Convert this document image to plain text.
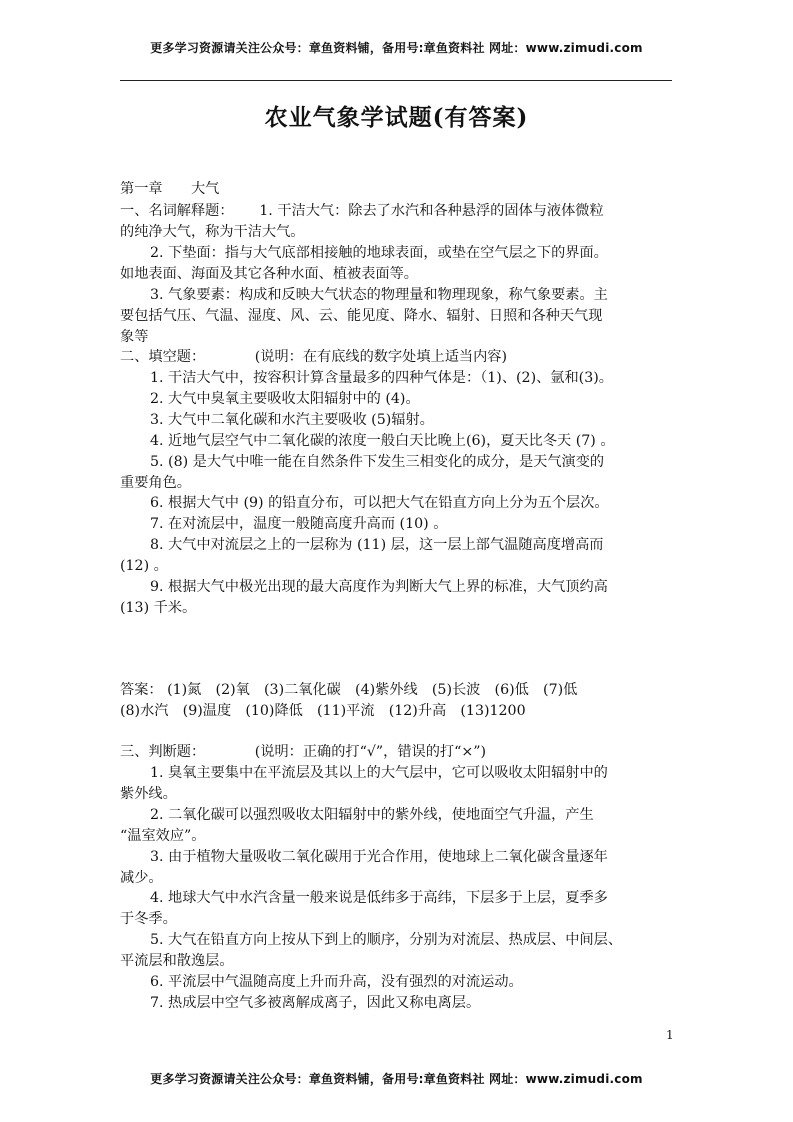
更多学习资源请关注公众号：章鱼资料铺，备用号:章鱼资料社 网址：www.zimudi.com
农业气象学试题(有答案)
第一章　　大气
一、名词解释题：　　 1. 干洁大气：除去了水汽和各种悬浮的固体与液体微粒
的纯净大气，称为干洁大气。
2. 下垫面：指与大气底部相接触的地球表面，或垫在空气层之下的界面。
如地表面、海面及其它各种水面、植被表面等。
3. 气象要素：构成和反映大气状态的物理量和物理现象，称气象要素。主
要包括气压、气温、湿度、风、云、能见度、降水、辐射、日照和各种天气现
象等
二、填空题：　　　　(说明：在有底线的数字处填上适当内容)
1. 干洁大气中，按容积计算含量最多的四种气体是：（1)、(2)、氩和(3)。
2. 大气中臭氧主要吸收太阳辐射中的 (4)。
3. 大气中二氧化碳和水汽主要吸收 (5)辐射。
4. 近地气层空气中二氧化碳的浓度一般白天比晚上(6)，夏天比冬天 (7) 。
5. (8) 是大气中唯一能在自然条件下发生三相变化的成分，是天气演变的
重要角色。
6. 根据大气中 (9) 的铅直分布，可以把大气在铅直方向上分为五个层次。
7. 在对流层中，温度一般随高度升高而 (10) 。
8. 大气中对流层之上的一层称为 (11) 层，这一层上部气温随高度增高而
(12) 。
9. 根据大气中极光出现的最大高度作为判断大气上界的标准，大气顶约高
(13) 千米。
答案： (1)氮　(2)氧　(3)二氧化碳　(4)紫外线　(5)长波　(6)低　(7)低
(8)水汽　(9)温度　(10)降低　(11)平流　(12)升高　(13)1200
三、判断题：　　　　(说明：正确的打“√”，错误的打“×”)
1. 臭氧主要集中在平流层及其以上的大气层中，它可以吸收太阳辐射中的
紫外线。
2. 二氧化碳可以强烈吸收太阳辐射中的紫外线，使地面空气升温，产生
“温室效应”。
3. 由于植物大量吸收二氧化碳用于光合作用，使地球上二氧化碳含量逐年
减少。
4. 地球大气中水汽含量一般来说是低纬多于高纬，下层多于上层，夏季多
于冬季。
5. 大气在铅直方向上按从下到上的顺序，分别为对流层、热成层、中间层、
平流层和散逸层。
6. 平流层中气温随高度上升而升高，没有强烈的对流运动。
7. 热成层中空气多被离解成离子，因此又称电离层。
1
更多学习资源请关注公众号：章鱼资料铺，备用号:章鱼资料社 网址：www.zimudi.com
